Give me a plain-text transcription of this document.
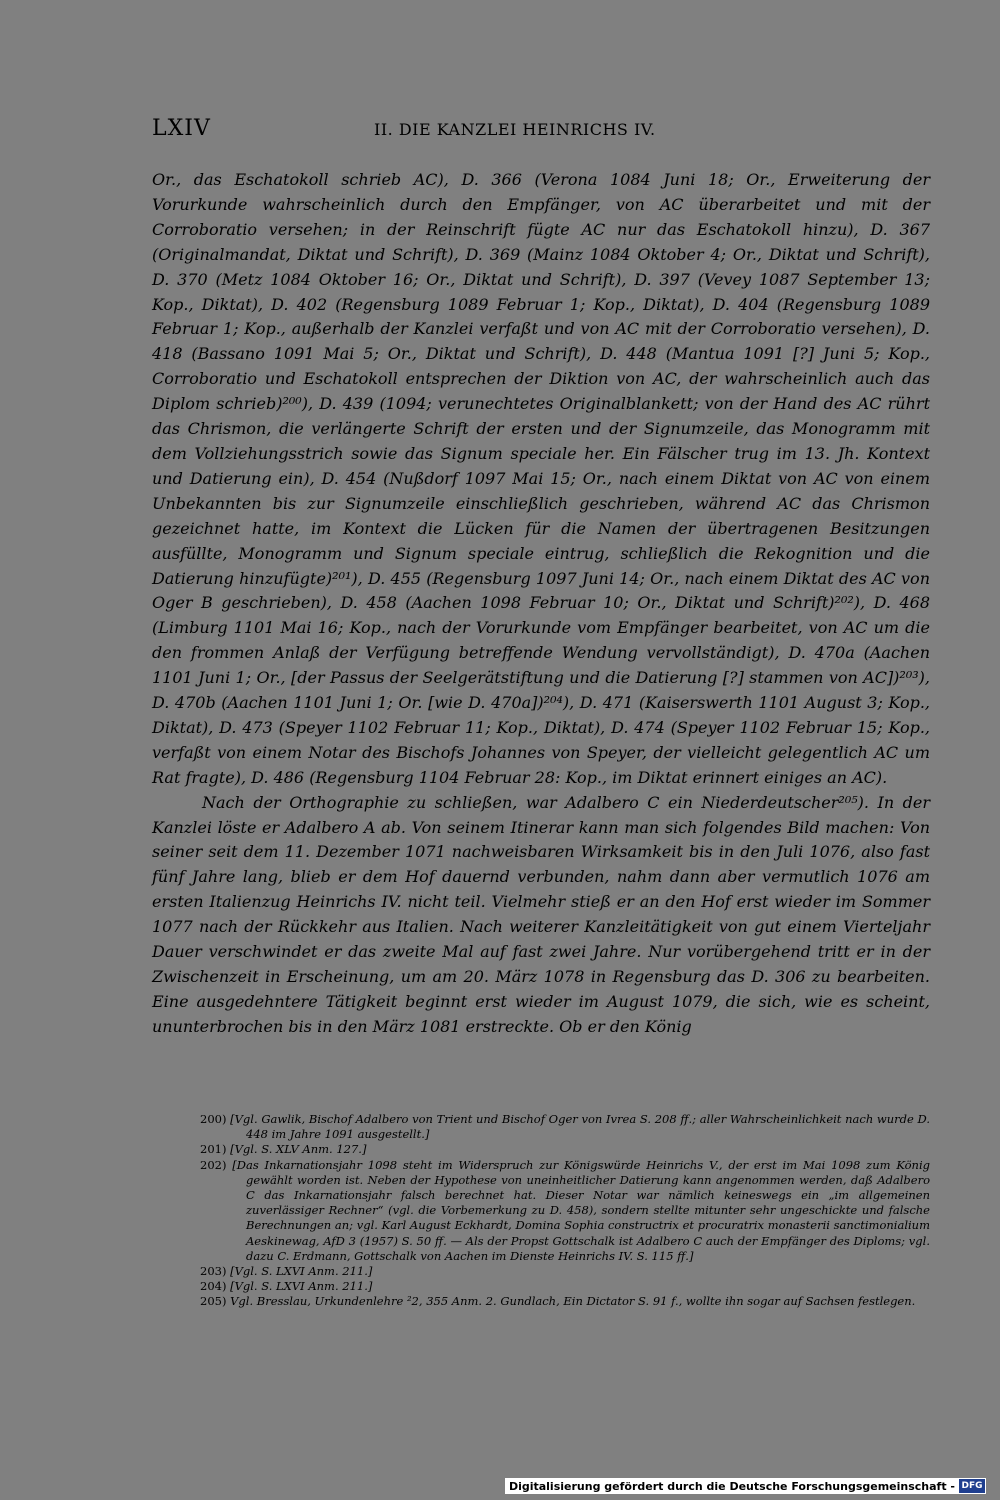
LXIV	II. DIE KANZLEI HEINRICHS IV.

Or., das Eschatokoll schrieb AC), D. 366 (Verona 1084 Juni 18; Or., Erweiterung der Vorurkunde wahrscheinlich durch den Empfänger, von AC überarbeitet und mit der Corroboratio versehen; in der Reinschrift fügte AC nur das Eschatokoll hinzu), D. 367 (Originalmandat, Diktat und Schrift), D. 369 (Mainz 1084 Oktober 4; Or., Diktat und Schrift), D. 370 (Metz 1084 Oktober 16; Or., Diktat und Schrift), D. 397 (Vevey 1087 September 13; Kop., Diktat), D. 402 (Regensburg 1089 Februar 1; Kop., Diktat), D. 404 (Regensburg 1089 Februar 1; Kop., außerhalb der Kanzlei verfaßt und von AC mit der Corroboratio versehen), D. 418 (Bassano 1091 Mai 5; Or., Diktat und Schrift), D. 448 (Mantua 1091 [?] Juni 5; Kop., Corroboratio und Eschatokoll entsprechen der Diktion von AC, der wahrscheinlich auch das Diplom schrieb)²⁰⁰), D. 439 (1094; verunechtetes Originalblankett; von der Hand des AC rührt das Chrismon, die verlängerte Schrift der ersten und der Signumzeile, das Monogramm mit dem Vollziehungsstrich sowie das Signum speciale her. Ein Fälscher trug im 13. Jh. Kontext und Datierung ein), D. 454 (Nußdorf 1097 Mai 15; Or., nach einem Diktat von AC von einem Unbekannten bis zur Signumzeile einschließlich geschrieben, während AC das Chrismon gezeichnet hatte, im Kontext die Lücken für die Namen der übertragenen Besitzungen ausfüllte, Monogramm und Signum speciale eintrug, schließlich die Rekognition und die Datierung hinzufügte)²⁰¹), D. 455 (Regensburg 1097 Juni 14; Or., nach einem Diktat des AC von Oger B geschrieben), D. 458 (Aachen 1098 Februar 10; Or., Diktat und Schrift)²⁰²), D. 468 (Limburg 1101 Mai 16; Kop., nach der Vorurkunde vom Empfänger bearbeitet, von AC um die den frommen Anlaß der Verfügung betreffende Wendung vervollständigt), D. 470a (Aachen 1101 Juni 1; Or., [der Passus der Seelgerätstiftung und die Datierung [?] stammen von AC])²⁰³), D. 470b (Aachen 1101 Juni 1; Or. [wie D. 470a])²⁰⁴), D. 471 (Kaiserswerth 1101 August 3; Kop., Diktat), D. 473 (Speyer 1102 Februar 11; Kop., Diktat), D. 474 (Speyer 1102 Februar 15; Kop., verfaßt von einem Notar des Bischofs Johannes von Speyer, der vielleicht gelegentlich AC um Rat fragte), D. 486 (Regensburg 1104 Februar 28: Kop., im Diktat erinnert einiges an AC).

Nach der Orthographie zu schließen, war Adalbero C ein Niederdeutscher²⁰⁵). In der Kanzlei löste er Adalbero A ab. Von seinem Itinerar kann man sich folgendes Bild machen: Von seiner seit dem 11. Dezember 1071 nachweisbaren Wirksamkeit bis in den Juli 1076, also fast fünf Jahre lang, blieb er dem Hof dauernd verbunden, nahm dann aber vermutlich 1076 am ersten Italienzug Heinrichs IV. nicht teil. Vielmehr stieß er an den Hof erst wieder im Sommer 1077 nach der Rückkehr aus Italien. Nach weiterer Kanzleitätigkeit von gut einem Vierteljahr Dauer verschwindet er das zweite Mal auf fast zwei Jahre. Nur vorübergehend tritt er in der Zwischenzeit in Erscheinung, um am 20. März 1078 in Regensburg das D. 306 zu bearbeiten. Eine ausgedehntere Tätigkeit beginnt erst wieder im August 1079, die sich, wie es scheint, ununterbrochen bis in den März 1081 erstreckte. Ob er den König

200) [Vgl. Gawlik, Bischof Adalbero von Trient und Bischof Oger von Ivrea S. 208 ff.; aller Wahrscheinlichkeit nach wurde D. 448 im Jahre 1091 ausgestellt.]
201) [Vgl. S. XLV Anm. 127.]
202) [Das Inkarnationsjahr 1098 steht im Widerspruch zur Königswürde Heinrichs V., der erst im Mai 1098 zum König gewählt worden ist. Neben der Hypothese von uneinheitlicher Datierung kann angenommen werden, daß Adalbero C das Inkarnationsjahr falsch berechnet hat. Dieser Notar war nämlich keineswegs ein „im allgemeinen zuverlässiger Rechner“ (vgl. die Vorbemerkung zu D. 458), sondern stellte mitunter sehr ungeschickte und falsche Berechnungen an; vgl. Karl August Eckhardt, Domina Sophia constructrix et procuratrix monasterii sanctimonialium Aeskinewag, AfD 3 (1957) S. 50 ff. — Als der Propst Gottschalk ist Adalbero C auch der Empfänger des Diploms; vgl. dazu C. Erdmann, Gottschalk von Aachen im Dienste Heinrichs IV. S. 115 ff.]
203) [Vgl. S. LXVI Anm. 211.]
204) [Vgl. S. LXVI Anm. 211.]
205) Vgl. Bresslau, Urkundenlehre ²2, 355 Anm. 2. Gundlach, Ein Dictator S. 91 f., wollte ihn sogar auf Sachsen festlegen.
Digitalisierung gefördert durch die Deutsche Forschungsgemeinschaft - DFG
